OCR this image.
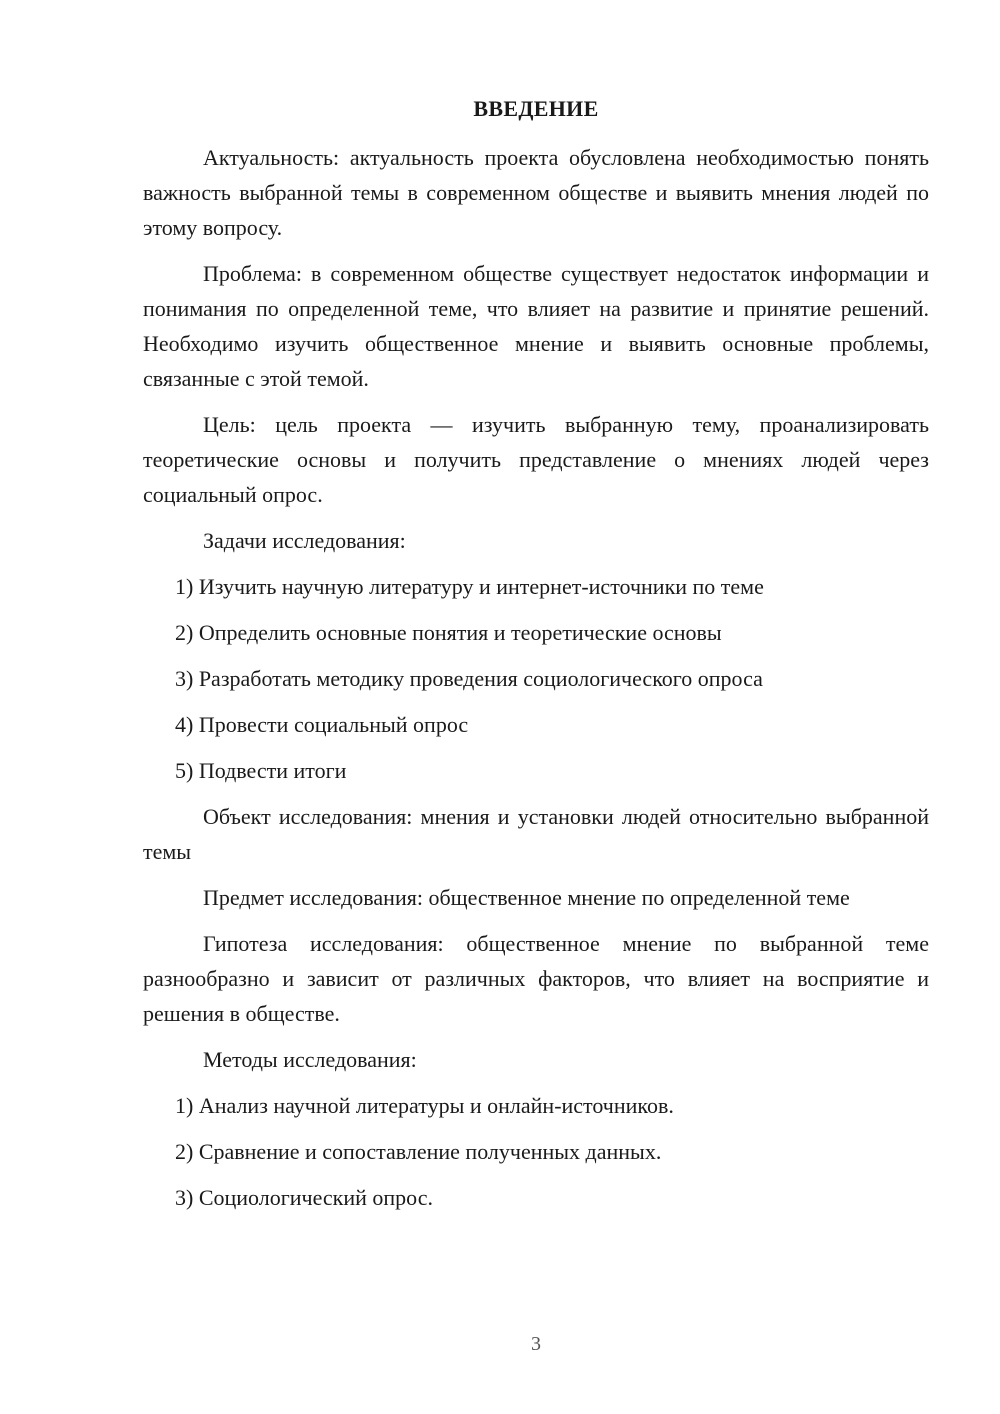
ВВЕДЕНИЕ

Актуальность: актуальность проекта обусловлена необходимостью понять важность выбранной темы в современном обществе и выявить мнения людей по этому вопросу.

Проблема: в современном обществе существует недостаток информации и понимания по определенной теме, что влияет на развитие и принятие решений. Необходимо изучить общественное мнение и выявить основные проблемы, связанные с этой темой.

Цель: цель проекта — изучить выбранную тему, проанализировать теоретические основы и получить представление о мнениях людей через социальный опрос.

Задачи исследования:

1) Изучить научную литературу и интернет-источники по теме
2) Определить основные понятия и теоретические основы
3) Разработать методику проведения социологического опроса
4) Провести социальный опрос
5) Подвести итоги

Объект исследования: мнения и установки людей относительно выбранной темы

Предмет исследования: общественное мнение по определенной теме

Гипотеза исследования: общественное мнение по выбранной теме разнообразно и зависит от различных факторов, что влияет на восприятие и решения в обществе.

Методы исследования:

1) Анализ научной литературы и онлайн-источников.
2) Сравнение и сопоставление полученных данных.
3) Социологический опрос.
3
